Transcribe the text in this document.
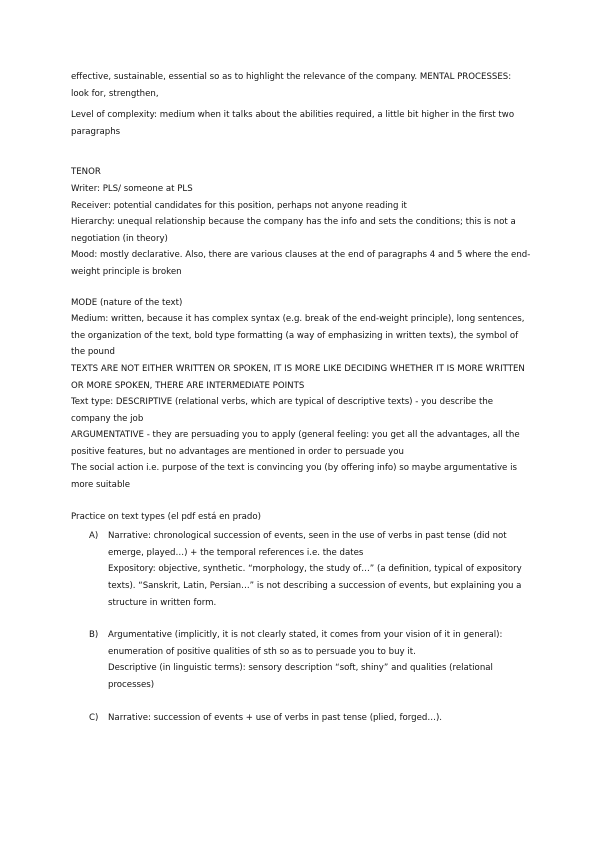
effective, sustainable, essential so as to highlight the relevance of the company. MENTAL PROCESSES: look for, strengthen,

Level of complexity: medium when it talks about the abilities required, a little bit higher in the first two paragraphs

TENOR

Writer: PLS/ someone at PLS

Receiver: potential candidates for this position, perhaps not anyone reading it

Hierarchy: unequal relationship because the company has the info and sets the conditions; this is not a negotiation (in theory)

Mood: mostly declarative. Also, there are various clauses at the end of paragraphs 4 and 5 where the end-weight principle is broken

MODE (nature of the text)

Medium: written, because it has complex syntax (e.g. break of the end-weight principle), long sentences, the organization of the text, bold type formatting (a way of emphasizing in written texts), the symbol of the pound

TEXTS ARE NOT EITHER WRITTEN OR SPOKEN, IT IS MORE LIKE DECIDING WHETHER IT IS MORE WRITTEN OR MORE SPOKEN, THERE ARE INTERMEDIATE POINTS

Text type: DESCRIPTIVE (relational verbs, which are typical of descriptive texts) - you describe the company the job

ARGUMENTATIVE - they are persuading you to apply (general feeling: you get all the advantages, all the positive features, but no advantages are mentioned in order to persuade you

The social action i.e. purpose of the text is convincing you (by offering info) so maybe argumentative is more suitable

Practice on text types (el pdf está en prado)

A) Narrative: chronological succession of events, seen in the use of verbs in past tense (did not emerge, played…) + the temporal references i.e. the dates

Expository: objective, synthetic. “morphology, the study of…” (a definition, typical of expository texts). “Sanskrit, Latin, Persian…” is not describing a succession of events, but explaining you a structure in written form.

B) Argumentative (implicitly, it is not clearly stated, it comes from your vision of it in general): enumeration of positive qualities of sth so as to persuade you to buy it.

Descriptive (in linguistic terms): sensory description “soft, shiny” and qualities (relational processes)

C) Narrative: succession of events + use of verbs in past tense (plied, forged…).
